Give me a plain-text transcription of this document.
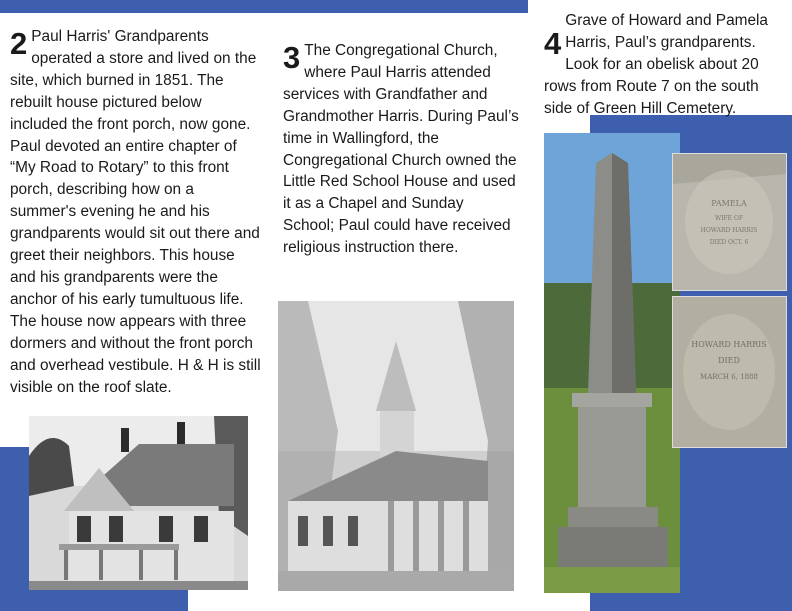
2 Paul Harris' Grandparents operated a store and lived on the site, which burned in 1851. The rebuilt house pictured below included the front porch, now gone. Paul devoted an entire chapter of “My Road to Rotary” to this front porch, describing how on a summer's evening he and his grandparents would sit out there and greet their neighbors. This house and his grandparents were the anchor of his early tumultuous life. The house now appears with three dormers and without the front porch and overhead vestibule. H & H is still visible on the roof slate.
3 The Congregational Church, where Paul Harris attended services with Grandfather and Grandmother Harris. During Paul’s time in Wallingford, the Congregational Church owned the Little Red School House and used it as a Chapel and Sunday School; Paul could have received religious instruction there.
4
Grave of Howard and Pamela Harris, Paul’s grandparents. Look for an obelisk about 20 rows from Route 7 on the south side of Green Hill Cemetery.
PAMELA
WIFE OF
HOWARD HARRIS
DIED OCT. 6
HOWARD HARRIS
DIED
MARCH 6, 1888
